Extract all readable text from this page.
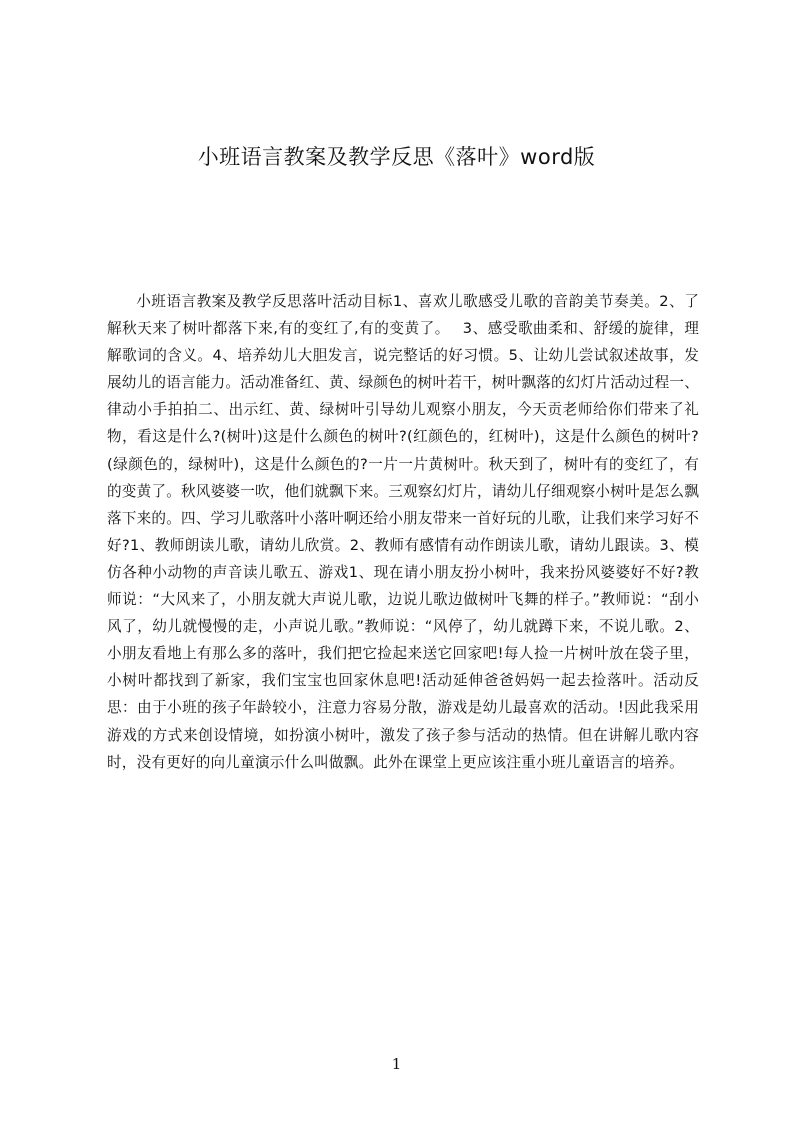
小班语言教案及教学反思《落叶》word版

小班语言教案及教学反思落叶活动目标1、喜欢儿歌感受儿歌的音韵美节奏美。2、了解秋天来了树叶都落下来,有的变红了,有的变黄了。　 3、感受歌曲柔和、舒缓的旋律，理解歌词的含义。4、培养幼儿大胆发言，说完整话的好习惯。5、让幼儿尝试叙述故事，发展幼儿的语言能力。活动准备红、黄、绿颜色的树叶若干，树叶飘落的幻灯片活动过程一、律动小手拍拍二、出示红、黄、绿树叶引导幼儿观察小朋友，今天贡老师给你们带来了礼物，看这是什么?(树叶)这是什么颜色的树叶?(红颜色的，红树叶)，这是什么颜色的树叶?(绿颜色的，绿树叶)，这是什么颜色的?一片一片黄树叶。秋天到了，树叶有的变红了，有的变黄了。秋风婆婆一吹，他们就飘下来。三观察幻灯片，请幼儿仔细观察小树叶是怎么飘落下来的。四、学习儿歌落叶小落叶啊还给小朋友带来一首好玩的儿歌，让我们来学习好不好?1、教师朗读儿歌，请幼儿欣赏。2、教师有感情有动作朗读儿歌，请幼儿跟读。3、模仿各种小动物的声音读儿歌五、游戏1、现在请小朋友扮小树叶，我来扮风婆婆好不好?教师说：“大风来了，小朋友就大声说儿歌，边说儿歌边做树叶飞舞的样子。”教师说：“刮小风了，幼儿就慢慢的走，小声说儿歌。”教师说：“风停了，幼儿就蹲下来，不说儿歌。2、小朋友看地上有那么多的落叶，我们把它捡起来送它回家吧!每人捡一片树叶放在袋子里，小树叶都找到了新家，我们宝宝也回家休息吧!活动延伸爸爸妈妈一起去捡落叶。活动反思：由于小班的孩子年龄较小，注意力容易分散，游戏是幼儿最喜欢的活动。!因此我采用游戏的方式来创设情境，如扮演小树叶，激发了孩子参与活动的热情。但在讲解儿歌内容时，没有更好的向儿童演示什么叫做飘。此外在课堂上更应该注重小班儿童语言的培养。

1
